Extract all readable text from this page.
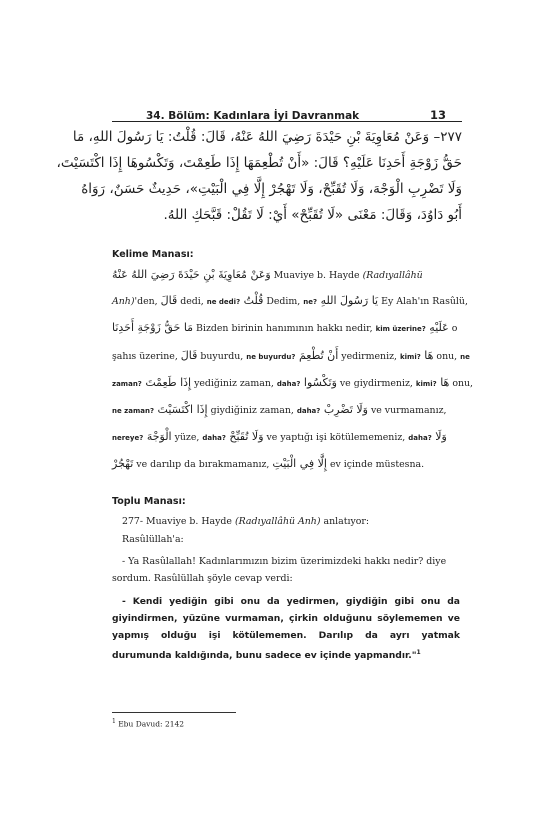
34. Bölüm: Kadınlara İyi Davranmak	13
٢٧٧– وَعَنْ مُعَاوِيَةَ بْنِ حَيْدَةَ رَضِيَ اللهُ عَنْهُ، قَالَ: قُلْتُ: يَا رَسُولَ اللهِ، مَا
حَقُّ زَوْجَةِ أَحَدِنَا عَلَيْهِ؟ قَالَ: «أَنْ تُطْعِمَهَا إِذَا طَعِمْتَ، وَتَكْسُوهَا إِذَا اكْتَسَيْتَ،
وَلَا تَضْرِبِ الْوَجْهَ، وَلَا تُقَبِّحْ، وَلَا تَهْجُرْ إِلَّا فِي الْبَيْتِ»، حَدِيثٌ حَسَنٌ، رَوَاهُ
أَبُو دَاوُدَ، وَقَالَ: مَعْنَى «لَا تُقَبِّحْ» أَيْ: لَا تَقُلْ: قَبَّحَكِ اللهُ.
Kelime Manası:
وَعَنْ مُعَاوِيَةَ بْنِ حَيْدَةَ رَضِيَ اللهُ عَنْهُ Muaviye b. Hayde (Radıyallâhü
Anh)'den, قَالَ dedi, ne dedi? قُلْتُ Dedim, ne? يَا رَسُولَ اللهِ Ey Alah'ın Rasûlü,
مَا حَقُّ زَوْجَةِ أَحَدِنَا Bizden birinin hanımının hakkı nedir, kim üzerine? عَلَيْهِ o
şahıs üzerine, قَالَ buyurdu, ne buyurdu? أَنْ تُطْعِمَ yedirmeniz, kimi? هَا onu, ne
zaman? إِذَا طَعِمْتَ yediğiniz zaman, daha? وَتَكْسُوا ve giydirmeniz, kimi? هَا onu,
ne zaman? إِذَا اكْتَسَيْتَ giydiğiniz zaman, daha? وَلَا تَضْرِبْ ve vurmamanız,
nereye? الْوَجْهَ yüze, daha? وَلَا تُقَبِّحْ ve yaptığı işi kötülememeniz, daha? وَلَا
تَهْجُرْ ve darılıp da bırakmamanız, إِلَّا فِي الْبَيْتِ ev içinde müstesna.
Toplu Manası:

277- Muaviye b. Hayde (Radıyallâhü Anh) anlatıyor:

Rasûlüllah'a:

- Ya Rasûlallah! Kadınlarımızın bizim üzerimizdeki hakkı nedir? diye sordum. Rasûlüllah şöyle cevap verdi:

- Kendi yediğin gibi onu da yedirmen, giydiğin gibi onu da giyindirmen, yüzüne vurmaman, çirkin olduğunu söylememen ve yapmış olduğu işi kötülememen. Darılıp da ayrı yatmak durumunda kaldığında, bunu sadece ev içinde yapmandır."$^1$

$^1$ Ebu Davud: 2142
